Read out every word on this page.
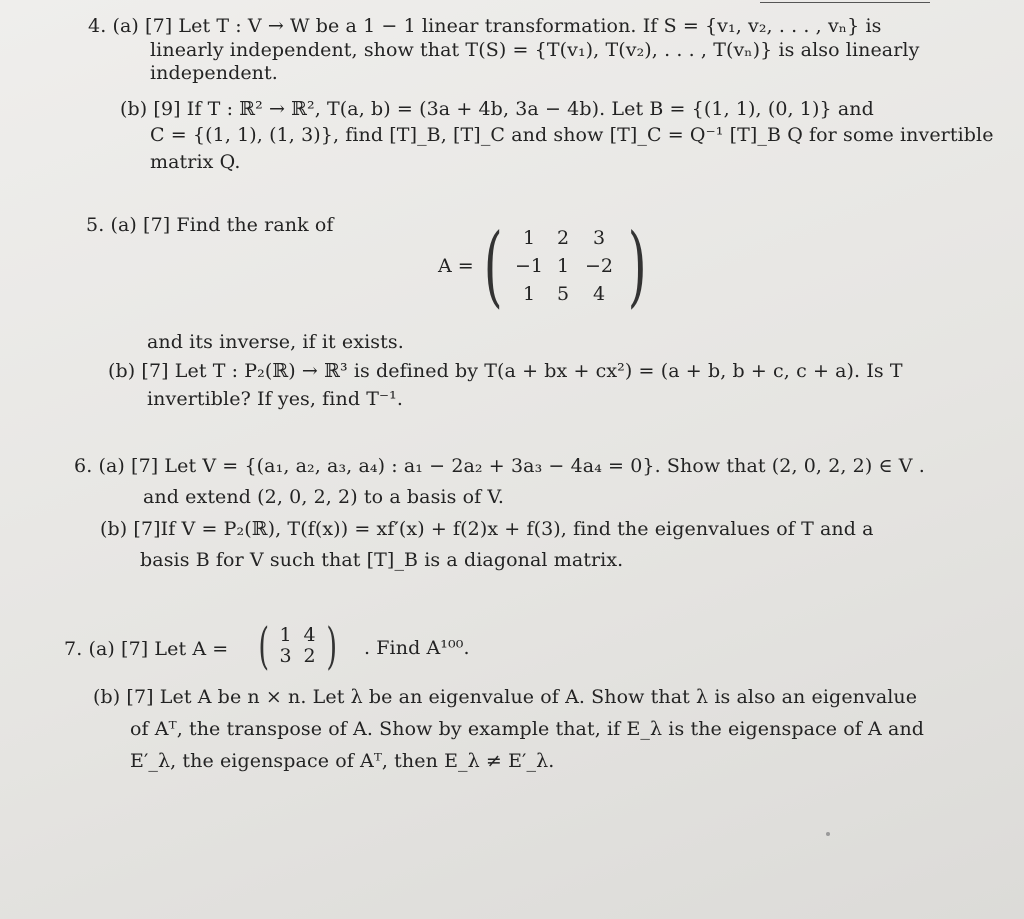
4. (a) [7] Let T : V → W be a 1 − 1 linear transformation. If S = {v₁, v₂, . . . , vₙ} is
linearly independent, show that T(S) = {T(v₁), T(v₂), . . . , T(vₙ)} is also linearly
independent.
(b) [9] If T : ℝ² → ℝ², T(a, b) = (3a + 4b, 3a − 4b). Let B = {(1, 1), (0, 1)} and
C = {(1, 1), (1, 3)}, find [T]_B, [T]_C and show [T]_C = Q⁻¹ [T]_B Q for some invertible
matrix Q.
5. (a) [7] Find the rank of
A = (	1	2	3
−1 1 −2
1	5	4 )
and its inverse, if it exists.
(b) [7] Let T : P₂(ℝ) → ℝ³ is defined by T(a + bx + cx²) = (a + b, b + c, c + a). Is T
invertible? If yes, find T⁻¹.
6. (a) [7] Let V = {(a₁, a₂, a₃, a₄) : a₁ − 2a₂ + 3a₃ − 4a₄ = 0}. Show that (2, 0, 2, 2) ∈ V .
and extend (2, 0, 2, 2) to a basis of V.
(b) [7]If V = P₂(ℝ), T(f(x)) = xf′(x) + f(2)x + f(3), find the eigenvalues of T and a
basis B for V such that [T]_B is a diagonal matrix.
7. (a) [7] Let A = ( 1 4
3 2 ) . Find A¹⁰⁰.
(b) [7] Let A be n × n. Let λ be an eigenvalue of A. Show that λ is also an eigenvalue
of Aᵀ, the transpose of A. Show by example that, if E_λ is the eigenspace of A and
E′_λ, the eigenspace of Aᵀ, then E_λ ≠ E′_λ.
